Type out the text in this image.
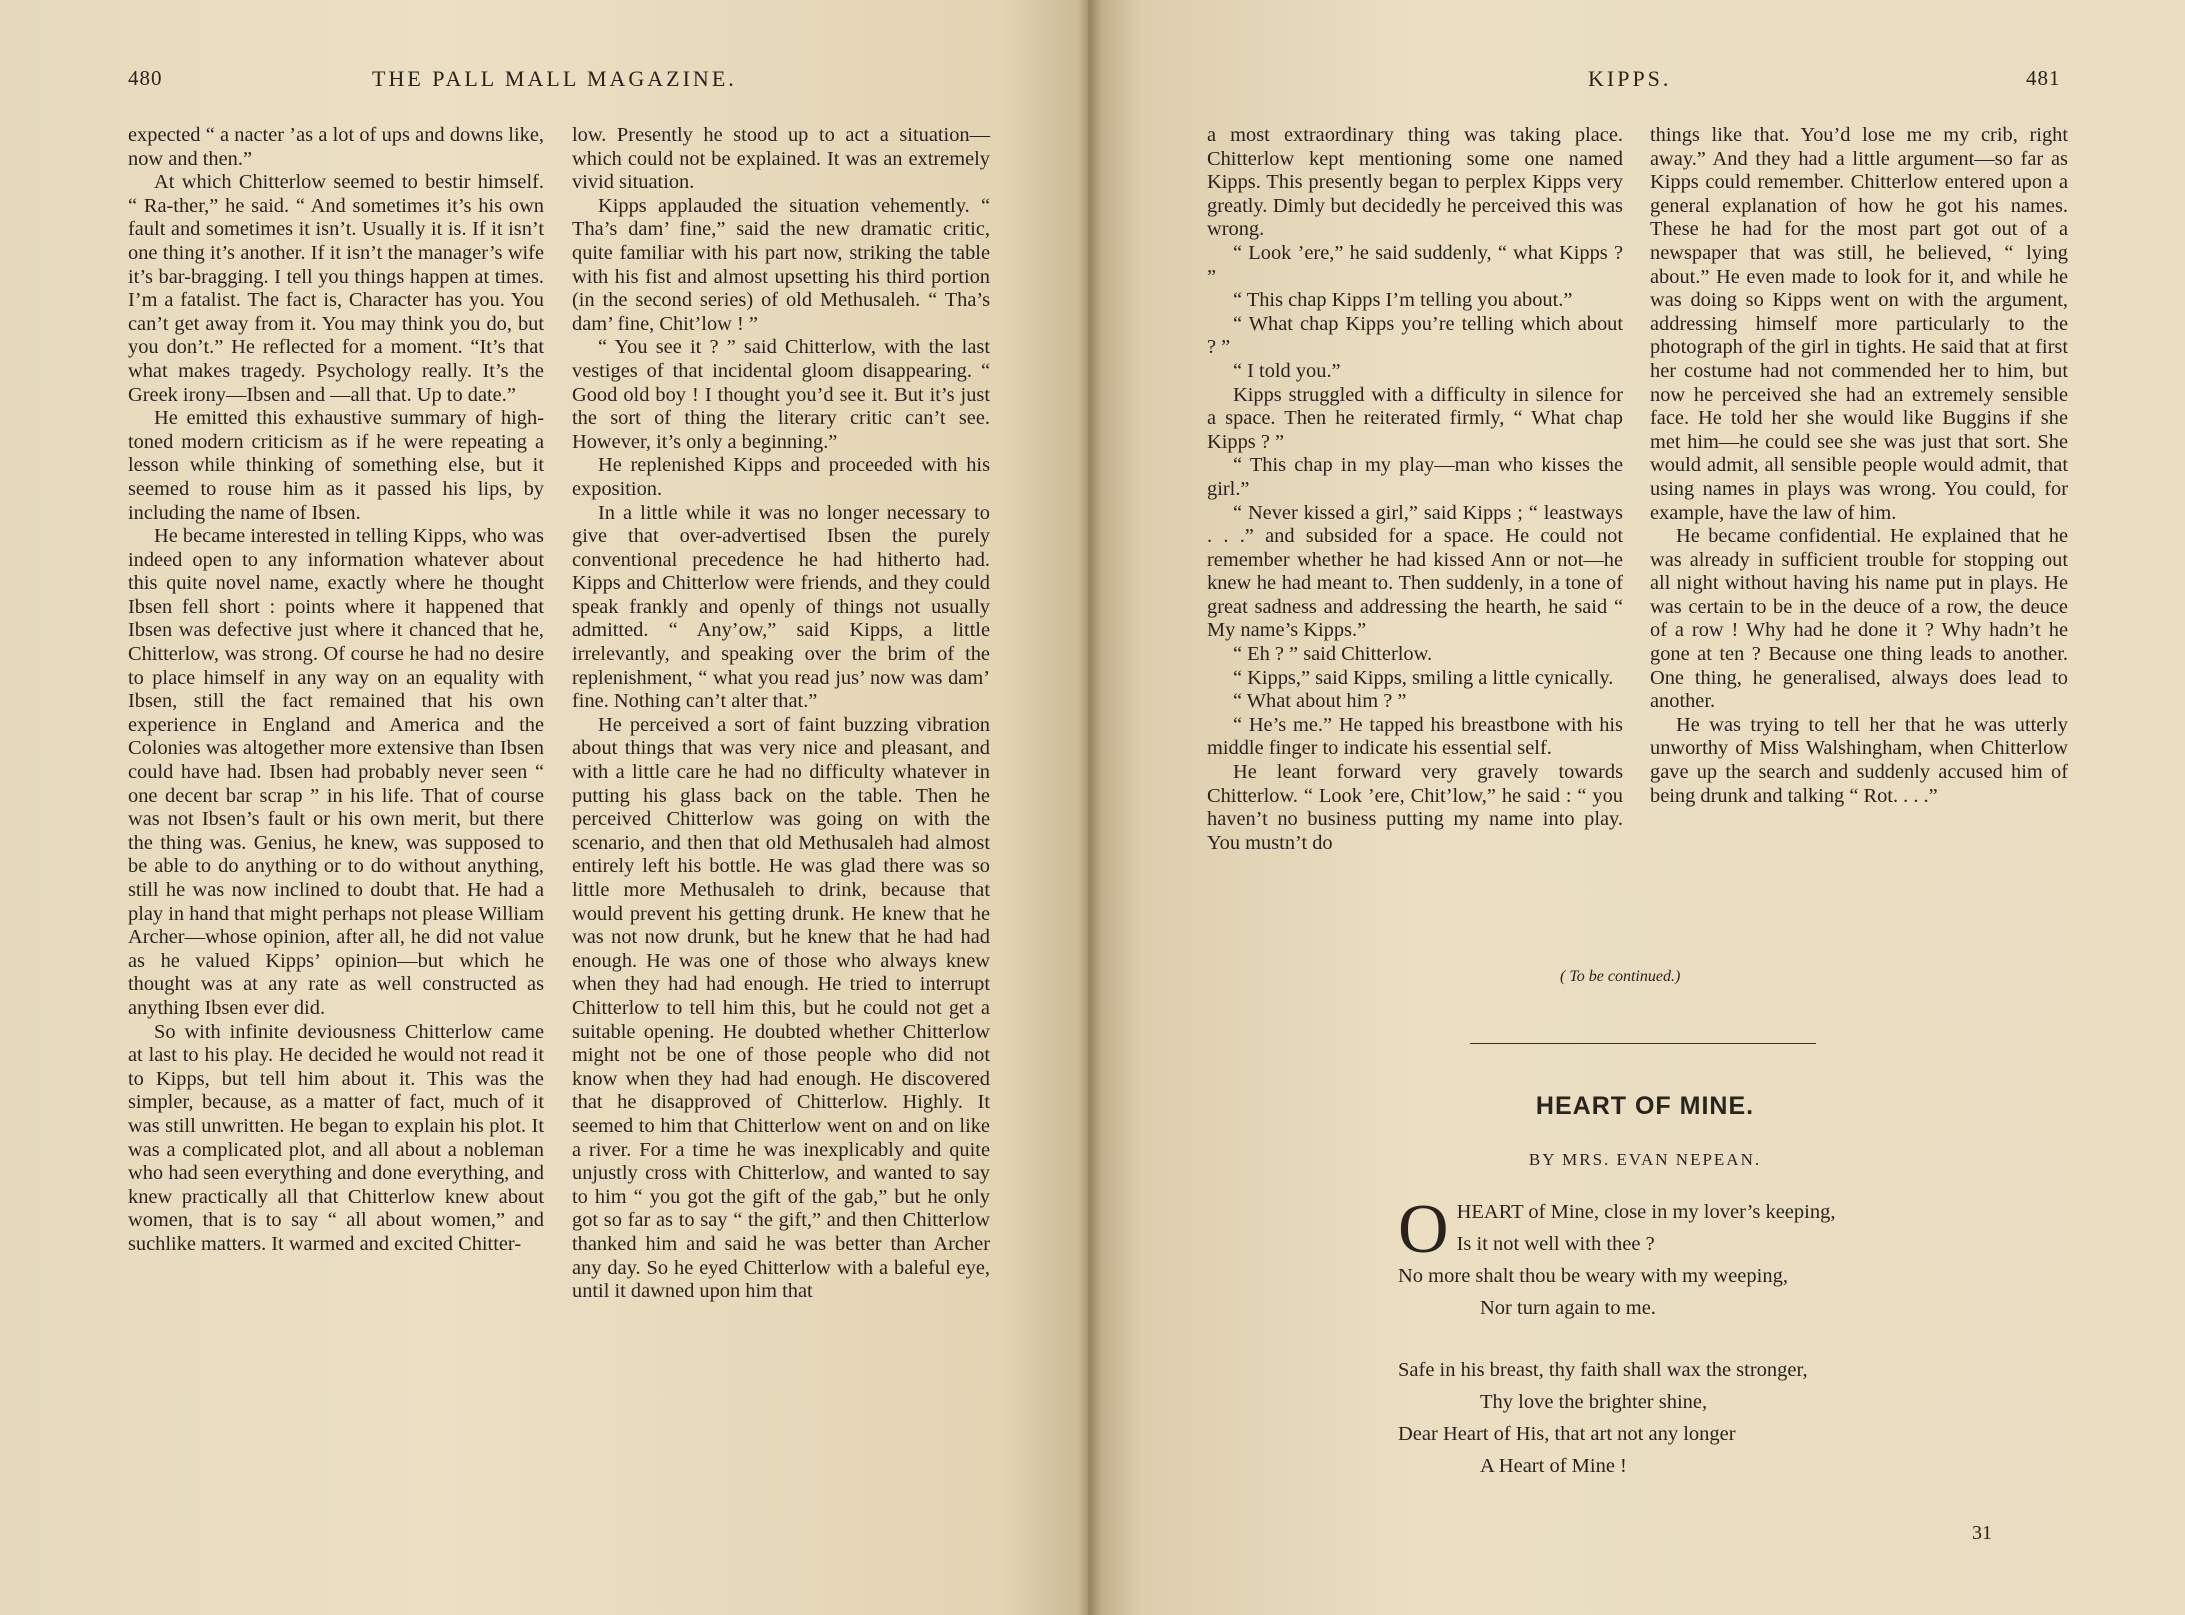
480	THE PALL MALL MAGAZINE.

expected “ a nacter ’as a lot of ups and downs like, now and then.”

At which Chitterlow seemed to bestir himself. “ Ra-ther,” he said. “ And sometimes it’s his own fault and sometimes it isn’t. Usually it is. If it isn’t one thing it’s another. If it isn’t the manager’s wife it’s bar-bragging. I tell you things happen at times. I’m a fatalist. The fact is, Character has you. You can’t get away from it. You may think you do, but you don’t.” He reflected for a moment. “It’s that what makes tragedy. Psychology really. It’s the Greek irony—Ibsen and —all that. Up to date.”

He emitted this exhaustive summary of high-toned modern criticism as if he were repeating a lesson while thinking of something else, but it seemed to rouse him as it passed his lips, by including the name of Ibsen.

He became interested in telling Kipps, who was indeed open to any information whatever about this quite novel name, exactly where he thought Ibsen fell short : points where it happened that Ibsen was defective just where it chanced that he, Chitterlow, was strong. Of course he had no desire to place himself in any way on an equality with Ibsen, still the fact remained that his own experience in England and America and the Colonies was altogether more extensive than Ibsen could have had. Ibsen had probably never seen “ one decent bar scrap ” in his life. That of course was not Ibsen’s fault or his own merit, but there the thing was. Genius, he knew, was supposed to be able to do anything or to do without anything, still he was now inclined to doubt that. He had a play in hand that might perhaps not please William Archer—whose opinion, after all, he did not value as he valued Kipps’ opinion—but which he thought was at any rate as well constructed as anything Ibsen ever did.

So with infinite deviousness Chitterlow came at last to his play. He decided he would not read it to Kipps, but tell him about it. This was the simpler, because, as a matter of fact, much of it was still unwritten. He began to explain his plot. It was a complicated plot, and all about a nobleman who had seen everything and done everything, and knew practically all that Chitterlow knew about women, that is to say “ all about women,” and suchlike matters. It warmed and excited Chitter-

low. Presently he stood up to act a situation—which could not be explained. It was an extremely vivid situation.

Kipps applauded the situation vehemently. “ Tha’s dam’ fine,” said the new dramatic critic, quite familiar with his part now, striking the table with his fist and almost upsetting his third portion (in the second series) of old Methusaleh. “ Tha’s dam’ fine, Chit’low ! ”

“ You see it ? ” said Chitterlow, with the last vestiges of that incidental gloom disappearing. “ Good old boy ! I thought you’d see it. But it’s just the sort of thing the literary critic can’t see. However, it’s only a beginning.”

He replenished Kipps and proceeded with his exposition.

In a little while it was no longer necessary to give that over-advertised Ibsen the purely conventional precedence he had hitherto had. Kipps and Chitterlow were friends, and they could speak frankly and openly of things not usually admitted. “ Any’ow,” said Kipps, a little irrelevantly, and speaking over the brim of the replenishment, “ what you read jus’ now was dam’ fine. Nothing can’t alter that.”

He perceived a sort of faint buzzing vibration about things that was very nice and pleasant, and with a little care he had no difficulty whatever in putting his glass back on the table. Then he perceived Chitterlow was going on with the scenario, and then that old Methusaleh had almost entirely left his bottle. He was glad there was so little more Methusaleh to drink, because that would prevent his getting drunk. He knew that he was not now drunk, but he knew that he had had enough. He was one of those who always knew when they had had enough. He tried to interrupt Chitterlow to tell him this, but he could not get a suitable opening. He doubted whether Chitterlow might not be one of those people who did not know when they had had enough. He discovered that he disapproved of Chitterlow. Highly. It seemed to him that Chitterlow went on and on like a river. For a time he was inexplicably and quite unjustly cross with Chitterlow, and wanted to say to him “ you got the gift of the gab,” but he only got so far as to say “ the gift,” and then Chitterlow thanked him and said he was better than Archer any day. So he eyed Chitterlow with a baleful eye, until it dawned upon him that

KIPPS.	481

a most extraordinary thing was taking place. Chitterlow kept mentioning some one named Kipps. This presently began to perplex Kipps very greatly. Dimly but decidedly he perceived this was wrong.

“ Look ’ere,” he said suddenly, “ what Kipps ? ”

“ This chap Kipps I’m telling you about.”

“ What chap Kipps you’re telling which about ? ”

“ I told you.”

Kipps struggled with a difficulty in silence for a space. Then he reiterated firmly, “ What chap Kipps ? ”

“ This chap in my play—man who kisses the girl.”

“ Never kissed a girl,” said Kipps ; “ leastways . . .” and subsided for a space. He could not remember whether he had kissed Ann or not—he knew he had meant to. Then suddenly, in a tone of great sadness and addressing the hearth, he said “ My name’s Kipps.”

“ Eh ? ” said Chitterlow.

“ Kipps,” said Kipps, smiling a little cynically.

“ What about him ? ”

“ He’s me.” He tapped his breastbone with his middle finger to indicate his essential self.

He leant forward very gravely towards Chitterlow. “ Look ’ere, Chit’low,” he said : “ you haven’t no business putting my name into play. You mustn’t do

things like that. You’d lose me my crib, right away.” And they had a little argument—so far as Kipps could remember. Chitterlow entered upon a general explanation of how he got his names. These he had for the most part got out of a newspaper that was still, he believed, “ lying about.” He even made to look for it, and while he was doing so Kipps went on with the argument, addressing himself more particularly to the photograph of the girl in tights. He said that at first her costume had not commended her to him, but now he perceived she had an extremely sensible face. He told her she would like Buggins if she met him—he could see she was just that sort. She would admit, all sensible people would admit, that using names in plays was wrong. You could, for example, have the law of him.

He became confidential. He explained that he was already in sufficient trouble for stopping out all night without having his name put in plays. He was certain to be in the deuce of a row, the deuce of a row ! Why had he done it ? Why hadn’t he gone at ten ? Because one thing leads to another. One thing, he generalised, always does lead to another.

He was trying to tell her that he was utterly unworthy of Miss Walshingham, when Chitterlow gave up the search and suddenly accused him of being drunk and talking “ Rot. . . .”

( To be continued.)
HEART OF MINE.
BY MRS. EVAN NEPEAN.
O HEART of Mine, close in my lover’s keeping,
Is it not well with thee ?
No more shalt thou be weary with my weeping,
Nor turn again to me.
Safe in his breast, thy faith shall wax the stronger,
Thy love the brighter shine,
Dear Heart of His, that art not any longer
A Heart of Mine !
31
